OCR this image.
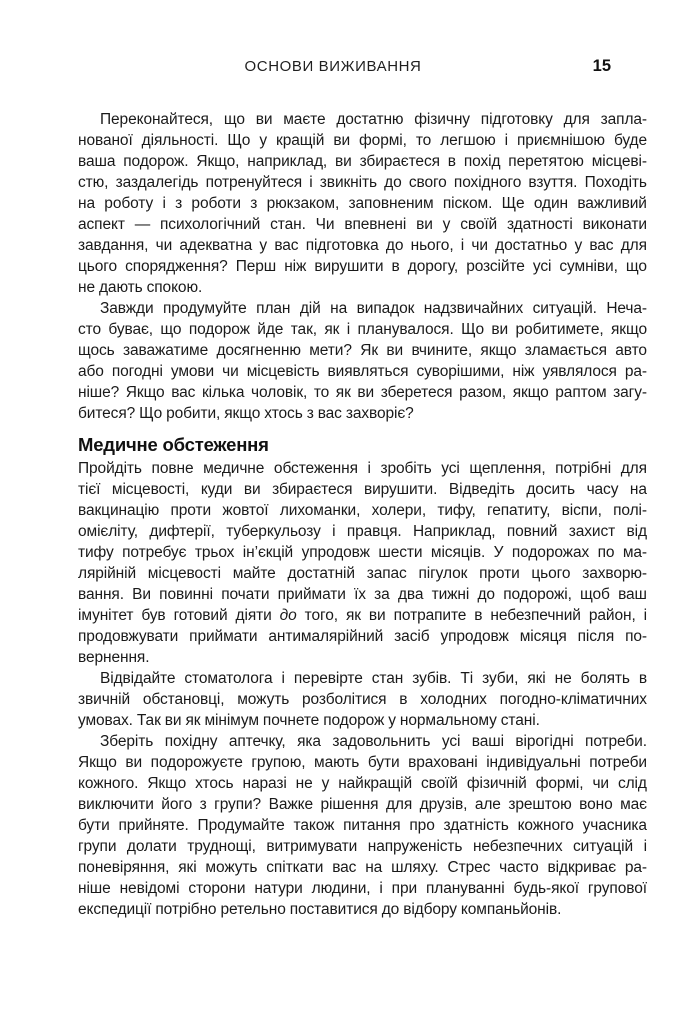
ОСНОВИ ВИЖИВАННЯ	15
Переконайтеся, що ви маєте достатню фізичну підготовку для запла-
нованої діяльності. Що у кращій ви формі, то легшою і приємнішою буде
ваша подорож. Якщо, наприклад, ви збираєтеся в похід перетятою місцеві-
стю, заздалегідь потренуйтеся і звикніть до свого похідного взуття. Походіть
на роботу і з роботи з рюкзаком, заповненим піском. Ще один важливий
аспект — психологічний стан. Чи впевнені ви у своїй здатності виконати
завдання, чи адекватна у вас підготовка до нього, і чи достатньо у вас для
цього спорядження? Перш ніж вирушити в дорогу, розсійте усі сумніви, що
не дають спокою.
Завжди продумуйте план дій на випадок надзвичайних ситуацій. Неча-
сто буває, що подорож йде так, як і планувалося. Що ви робитимете, якщо
щось заважатиме досягненню мети? Як ви вчините, якщо зламається авто
або погодні умови чи місцевість виявляться суворішими, ніж уявлялося ра-
ніше? Якщо вас кілька чоловік, то як ви зберетеся разом, якщо раптом загу-
битеся? Що робити, якщо хтось з вас захворіє?
Медичне обстеження
Пройдіть повне медичне обстеження і зробіть усі щеплення, потрібні для
тієї місцевості, куди ви збираєтеся вирушити. Відведіть досить часу на
вакцинацію проти жовтої лихоманки, холери, тифу, гепатиту, віспи, полі-
омієліту, дифтерії, туберкульозу і правця. Наприклад, повний захист від
тифу потребує трьох ін’єкцій упродовж шести місяців. У подорожах по ма-
лярійній місцевості майте достатній запас пігулок проти цього захворю-
вання. Ви повинні почати приймати їх за два тижні до подорожі, щоб ваш
імунітет був готовий діяти до того, як ви потрапите в небезпечний район, і
продовжувати приймати антималярійний засіб упродовж місяця після по-
вернення.
Відвідайте стоматолога і перевірте стан зубів. Ті зуби, які не болять в
звичній обстановці, можуть розболітися в холодних погодно-кліматичних
умовах. Так ви як мінімум почнете подорож у нормальному стані.
Зберіть похідну аптечку, яка задовольнить усі ваші вірогідні потреби.
Якщо ви подорожуєте групою, мають бути враховані індивідуальні потреби
кожного. Якщо хтось наразі не у найкращій своїй фізичній формі, чи слід
виключити його з групи? Важке рішення для друзів, але зрештою воно має
бути прийняте. Продумайте також питання про здатність кожного учасника
групи долати труднощі, витримувати напруженість небезпечних ситуацій і
поневіряння, які можуть спіткати вас на шляху. Стрес часто відкриває ра-
ніше невідомі сторони натури людини, і при плануванні будь-якої групової
експедиції потрібно ретельно поставитися до відбору компаньйонів.
